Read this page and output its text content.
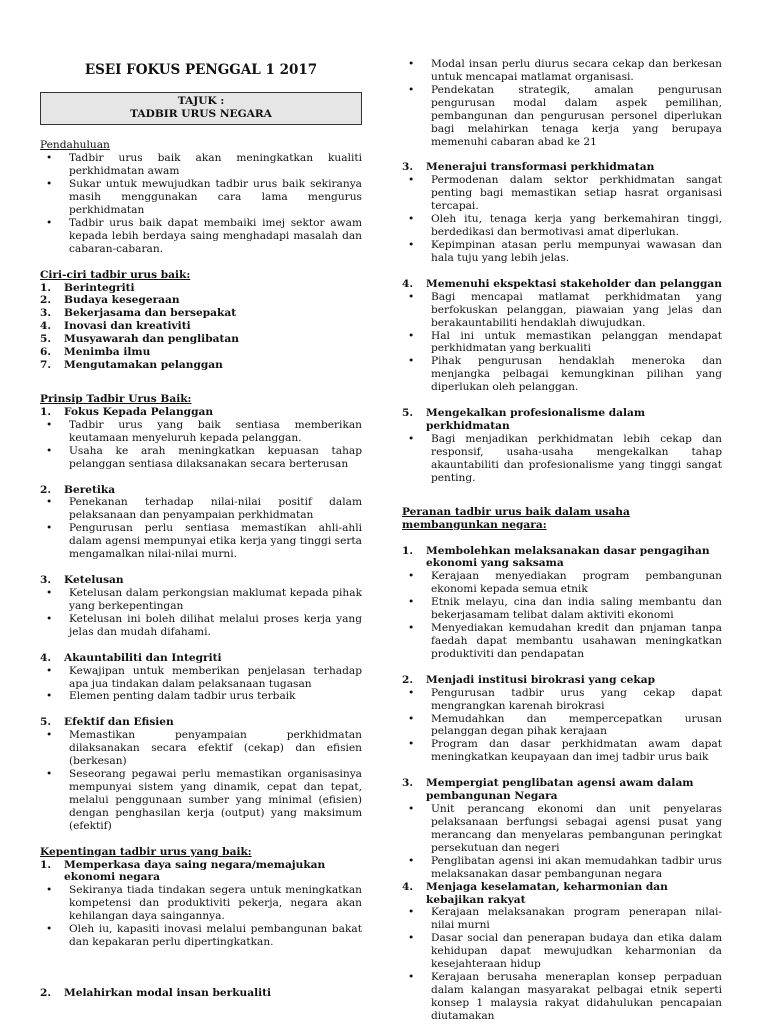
ESEI FOKUS PENGGAL 1 2017
TAJUK :
TADBIR URUS NEGARA
Pendahuluan
• Tadbir urus baik akan meningkatkan kualiti perkhidmatan awam
• Sukar untuk mewujudkan tadbir urus baik sekiranya masih menggunakan cara lama mengurus perkhidmatan
• Tadbir urus baik dapat membaiki imej sektor awam kepada lebih berdaya saing menghadapi masalah dan cabaran-cabaran.
Ciri-ciri tadbir urus baik:
1.	Berintegriti
2.	Budaya kesegeraan
3.	Bekerjasama dan bersepakat
4.	Inovasi dan kreativiti
5.	Musyawarah dan penglibatan
6.	Menimba ilmu
7.	Mengutamakan pelanggan
Prinsip Tadbir Urus Baik:
1.	Fokus Kepada Pelanggan
• Tadbir urus yang baik sentiasa memberikan keutamaan menyeluruh kepada pelanggan.
• Usaha ke arah meningkatkan kepuasan tahap pelanggan sentiasa dilaksanakan secara berterusan
2.	Beretika
• Penekanan terhadap nilai-nilai positif dalam pelaksanaan dan penyampaian perkhidmatan
• Pengurusan perlu sentiasa memastikan ahli-ahli dalam agensi mempunyai etika kerja yang tinggi serta mengamalkan nilai-nilai murni.
3.	Ketelusan
• Ketelusan dalam perkongsian maklumat kepada pihak yang berkepentingan
• Ketelusan ini boleh dilihat melalui proses kerja yang jelas dan mudah difahami.
4.	Akauntabiliti dan Integriti
• Kewajipan untuk memberikan penjelasan terhadap apa jua tindakan dalam pelaksanaan tugasan
• Elemen penting dalam tadbir urus terbaik
5.	Efektif dan Efisien
• Memastikan penyampaian perkhidmatan dilaksanakan secara efektif (cekap) dan efisien (berkesan)
• Seseorang pegawai perlu memastikan organisasinya mempunyai sistem yang dinamik, cepat dan tepat, melalui penggunaan sumber yang minimal (efisien) dengan penghasilan kerja (output) yang maksimum (efektif)
Kepentingan tadbir urus yang baik:
1.	Memperkasa daya saing negara/memajukan ekonomi negara
• Sekiranya tiada tindakan segera untuk meningkatkan kompetensi dan produktiviti pekerja, negara akan kehilangan daya saingannya.
• Oleh iu, kapasiti inovasi melalui pembangunan bakat dan kepakaran perlu dipertingkatkan.
2.	Melahirkan modal insan berkualiti
• Modal insan perlu diurus secara cekap dan berkesan untuk mencapai matlamat organisasi.
• Pendekatan strategik, amalan pengurusan pengurusan modal dalam aspek pemilihan, pembangunan dan pengurusan personel diperlukan bagi melahirkan tenaga kerja yang berupaya memenuhi cabaran abad ke 21
3.	Menerajui transformasi perkhidmatan
• Permodenan dalam sektor perkhidmatan sangat penting bagi memastikan setiap hasrat organisasi tercapai.
• Oleh itu, tenaga kerja yang berkemahiran tinggi, berdedikasi dan bermotivasi amat diperlukan.
• Kepimpinan atasan perlu mempunyai wawasan dan hala tuju yang lebih jelas.
4.	Memenuhi ekspektasi stakeholder dan pelanggan
• Bagi mencapai matlamat perkhidmatan yang berfokuskan pelanggan, piawaian yang jelas dan berakauntabiliti hendaklah diwujudkan.
• Hal ini untuk memastikan pelanggan mendapat perkhidmatan yang berkualiti
• Pihak pengurusan hendaklah meneroka dan menjangka pelbagai kemungkinan pilihan yang diperlukan oleh pelanggan.
5.	Mengekalkan profesionalisme dalam perkhidmatan
• Bagi menjadikan perkhidmatan lebih cekap dan responsif, usaha-usaha mengekalkan tahap akauntabiliti dan profesionalisme yang tinggi sangat penting.
Peranan tadbir urus baik dalam usaha membangunkan negara:
1.	Membolehkan melaksanakan dasar pengagihan ekonomi yang saksama
• Kerajaan menyediakan program pembangunan ekonomi kepada semua etnik
• Etnik melayu, cina dan india saling membantu dan bekerjasamam telibat dalam aktiviti ekonomi
• Menyediakan kemudahan kredit dan pnjaman tanpa faedah dapat membantu usahawan meningkatkan produktiviti dan pendapatan
2.	Menjadi institusi birokrasi yang cekap
• Pengurusan tadbir urus yang cekap dapat mengrangkan karenah birokrasi
• Memudahkan dan mempercepatkan urusan pelanggan degan pihak kerajaan
• Program dan dasar perkhidmatan awam dapat meningkatkan keupayaan dan imej tadbir urus baik
3.	Mempergiat penglibatan agensi awam dalam pembangunan Negara
• Unit perancang ekonomi dan unit penyelaras pelaksanaan berfungsi sebagai agensi pusat yang merancang dan menyelaras pembangunan peringkat persekutuan dan negeri
• Penglibatan agensi ini akan memudahkan tadbir urus melaksanakan dasar pembangunan negara
4.	Menjaga keselamatan, keharmonian dan kebajikan rakyat
• Kerajaan melaksanakan program penerapan nilai-nilai murni
• Dasar social dan penerapan budaya dan etika dalam kehidupan dapat mewujudkan keharmonian da kesejahteraan hidup
• Kerajaan berusaha meneraplan konsep perpaduan dalam kalangan masyarakat pelbagai etnik seperti konsep 1 malaysia rakyat didahulukan pencapaian diutamakan
